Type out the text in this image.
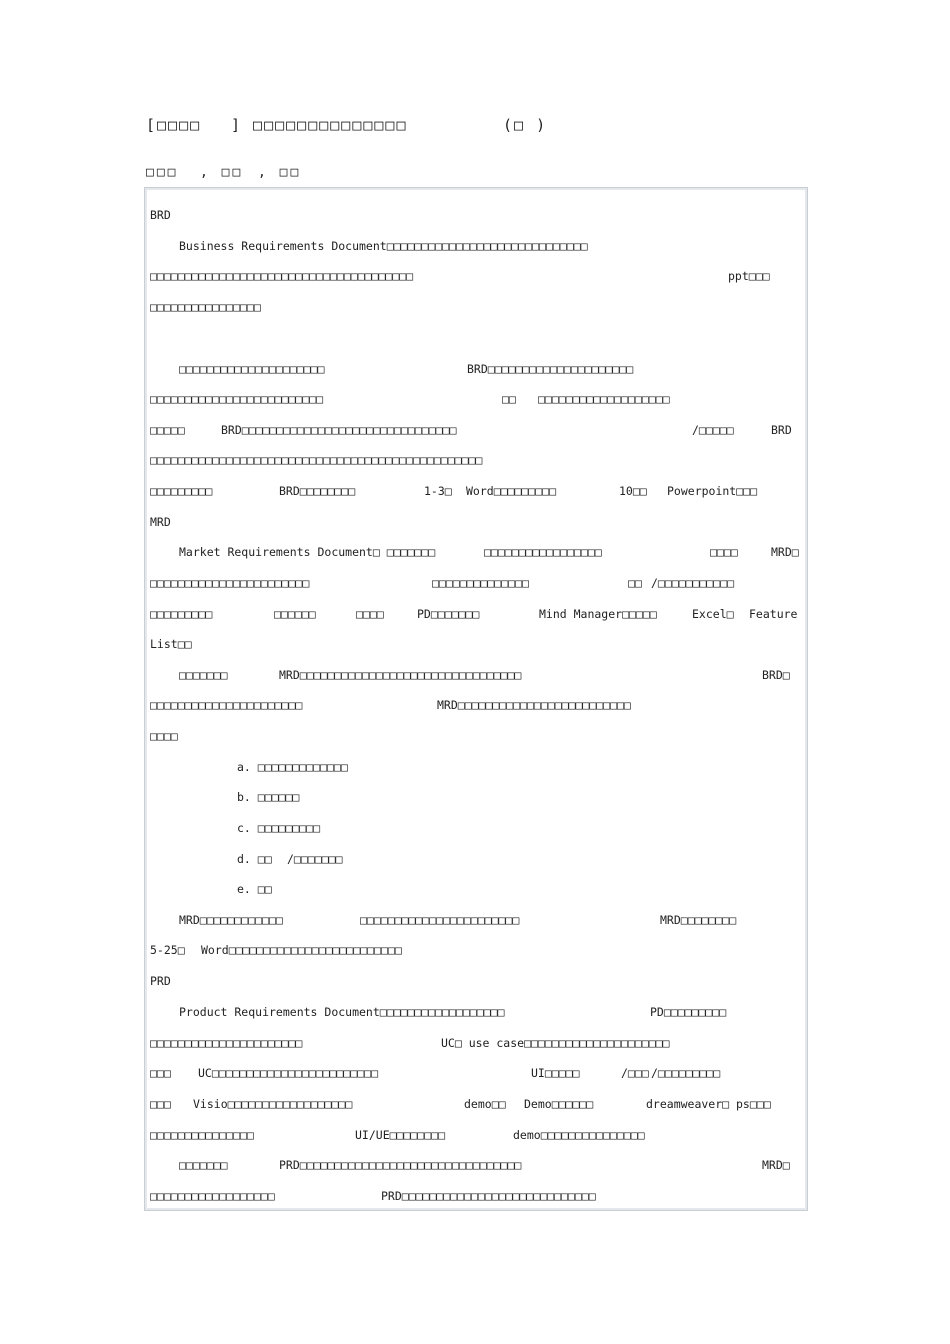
[□□□□ ] □□□□□□□□□□□□□□	(□ )
□□□ , □□ , □□
BRD
Business Requirements Document□□□□□□□□□□□□□□□□□□□□□□□□□□□□□
□□□□□□□□□□□□□□□□□□□□□□□□□□□□□□□□□□□□□□	ppt□□□
□□□□□□□□□□□□□□□□
□□□□□□□□□□□□□□□□□□□□□	BRD□□□□□□□□□□□□□□□□□□□□□
□□□□□□□□□□□□□□□□□□□□□□□□□	□□ □□□□□□□□□□□□□□□□□□□
□□□□□	BRD□□□□□□□□□□□□□□□□□□□□□□□□□□□□□□□	/□□□□□	BRD
□□□□□□□□□□□□□□□□□□□□□□□□□□□□□□□□□□□□□□□□□□□□□□□□
□□□□□□□□□	BRD□□□□□□□□	1-3□ Word□□□□□□□□□	10□□ Powerpoint□□□
MRD
Market Requirements Document□ □□□□□□□	□□□□□□□□□□□□□□□□□	□□□□	MRD□
□□□□□□□□□□□□□□□□□□□□□□□	□□□□□□□□□□□□□□	□□ /□□□□□□□□□□□
□□□□□□□□□	□□□□□□	□□□□	PD□□□□□□□	Mind Manager□□□□□	Excel□ Feature
List□□
□□□□□□□	MRD□□□□□□□□□□□□□□□□□□□□□□□□□□□□□□□□	BRD□
□□□□□□□□□□□□□□□□□□□□□□	MRD□□□□□□□□□□□□□□□□□□□□□□□□□
□□□□
a. □□□□□□□□□□□□□
b. □□□□□□
c. □□□□□□□□□
d. □□ /□□□□□□□
e. □□
MRD□□□□□□□□□□□□	□□□□□□□□□□□□□□□□□□□□□□□	MRD□□□□□□□□
5-25□ Word□□□□□□□□□□□□□□□□□□□□□□□□□
PRD
Product Requirements Document□□□□□□□□□□□□□□□□□□	PD□□□□□□□□□
□□□□□□□□□□□□□□□□□□□□□□	UC□ use case□□□□□□□□□□□□□□□□□□□□□
□□□ UC□□□□□□□□□□□□□□□□□□□□□□□□	UI□□□□□	/□□□ /□□□□□□□□□
□□□ Visio□□□□□□□□□□□□□□□□□□	demo□□ Demo□□□□□□	dreamweaver□ ps□□□
□□□□□□□□□□□□□□□	UI/UE□□□□□□□□	demo□□□□□□□□□□□□□□□
□□□□□□□	PRD□□□□□□□□□□□□□□□□□□□□□□□□□□□□□□□□	MRD□
□□□□□□□□□□□□□□□□□□	PRD□□□□□□□□□□□□□□□□□□□□□□□□□□□□
